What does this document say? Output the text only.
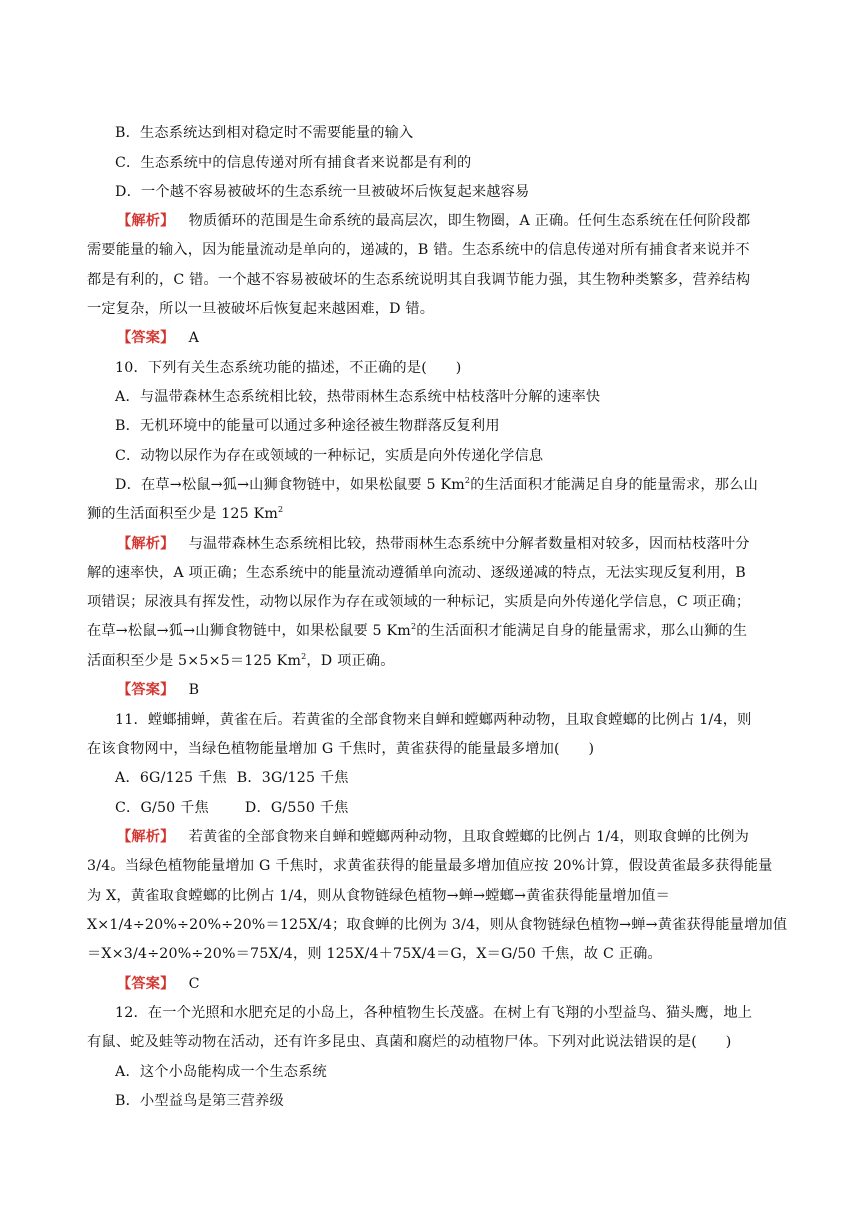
B．生态系统达到相对稳定时不需要能量的输入
C．生态系统中的信息传递对所有捕食者来说都是有利的
D．一个越不容易被破坏的生态系统一旦被破坏后恢复起来越容易
【解析】 物质循环的范围是生命系统的最高层次，即生物圈，A 正确。任何生态系统在任何阶段都
需要能量的输入，因为能量流动是单向的，递减的，B 错。生态系统中的信息传递对所有捕食者来说并不
都是有利的，C 错。一个越不容易被破坏的生态系统说明其自我调节能力强，其生物种类繁多，营养结构
一定复杂，所以一旦被破坏后恢复起来越困难，D 错。
【答案】 A
10．下列有关生态系统功能的描述，不正确的是(　　)
A．与温带森林生态系统相比较，热带雨林生态系统中枯枝落叶分解的速率快
B．无机环境中的能量可以通过多种途径被生物群落反复利用
C．动物以尿作为存在或领域的一种标记，实质是向外传递化学信息
D．在草→松鼠→狐→山狮食物链中，如果松鼠要 5 Km$^2$的生活面积才能满足自身的能量需求，那么山
狮的生活面积至少是 125 Km$^2$
【解析】 与温带森林生态系统相比较，热带雨林生态系统中分解者数量相对较多，因而枯枝落叶分
解的速率快，A 项正确；生态系统中的能量流动遵循单向流动、逐级递减的特点，无法实现反复利用，B
项错误；尿液具有挥发性，动物以尿作为存在或领域的一种标记，实质是向外传递化学信息，C 项正确；
在草→松鼠→狐→山狮食物链中，如果松鼠要 5 Km$^2$的生活面积才能满足自身的能量需求，那么山狮的生
活面积至少是 5×5×5＝125 Km$^2$，D 项正确。
【答案】 B
11．螳螂捕蝉，黄雀在后。若黄雀的全部食物来自蝉和螳螂两种动物，且取食螳螂的比例占 1/4，则
在该食物网中，当绿色植物能量增加 G 千焦时，黄雀获得的能量最多增加(　　)
A．6G/125 千焦 B．3G/125 千焦
C．G/50 千焦	D．G/550 千焦
【解析】 若黄雀的全部食物来自蝉和螳螂两种动物，且取食螳螂的比例占 1/4，则取食蝉的比例为
3/4。当绿色植物能量增加 G 千焦时，求黄雀获得的能量最多增加值应按 20%计算，假设黄雀最多获得能量
为 X，黄雀取食螳螂的比例占 1/4，则从食物链绿色植物→蝉→螳螂→黄雀获得能量增加值＝
X×1/4÷20%÷20%÷20%＝125X/4；取食蝉的比例为 3/4，则从食物链绿色植物→蝉→黄雀获得能量增加值
＝X×3/4÷20%÷20%＝75X/4，则 125X/4＋75X/4＝G，X＝G/50 千焦，故 C 正确。
【答案】 C
12．在一个光照和水肥充足的小岛上，各种植物生长茂盛。在树上有飞翔的小型益鸟、猫头鹰，地上
有鼠、蛇及蛙等动物在活动，还有许多昆虫、真菌和腐烂的动植物尸体。下列对此说法错误的是(　　)
A．这个小岛能构成一个生态系统
B．小型益鸟是第三营养级
